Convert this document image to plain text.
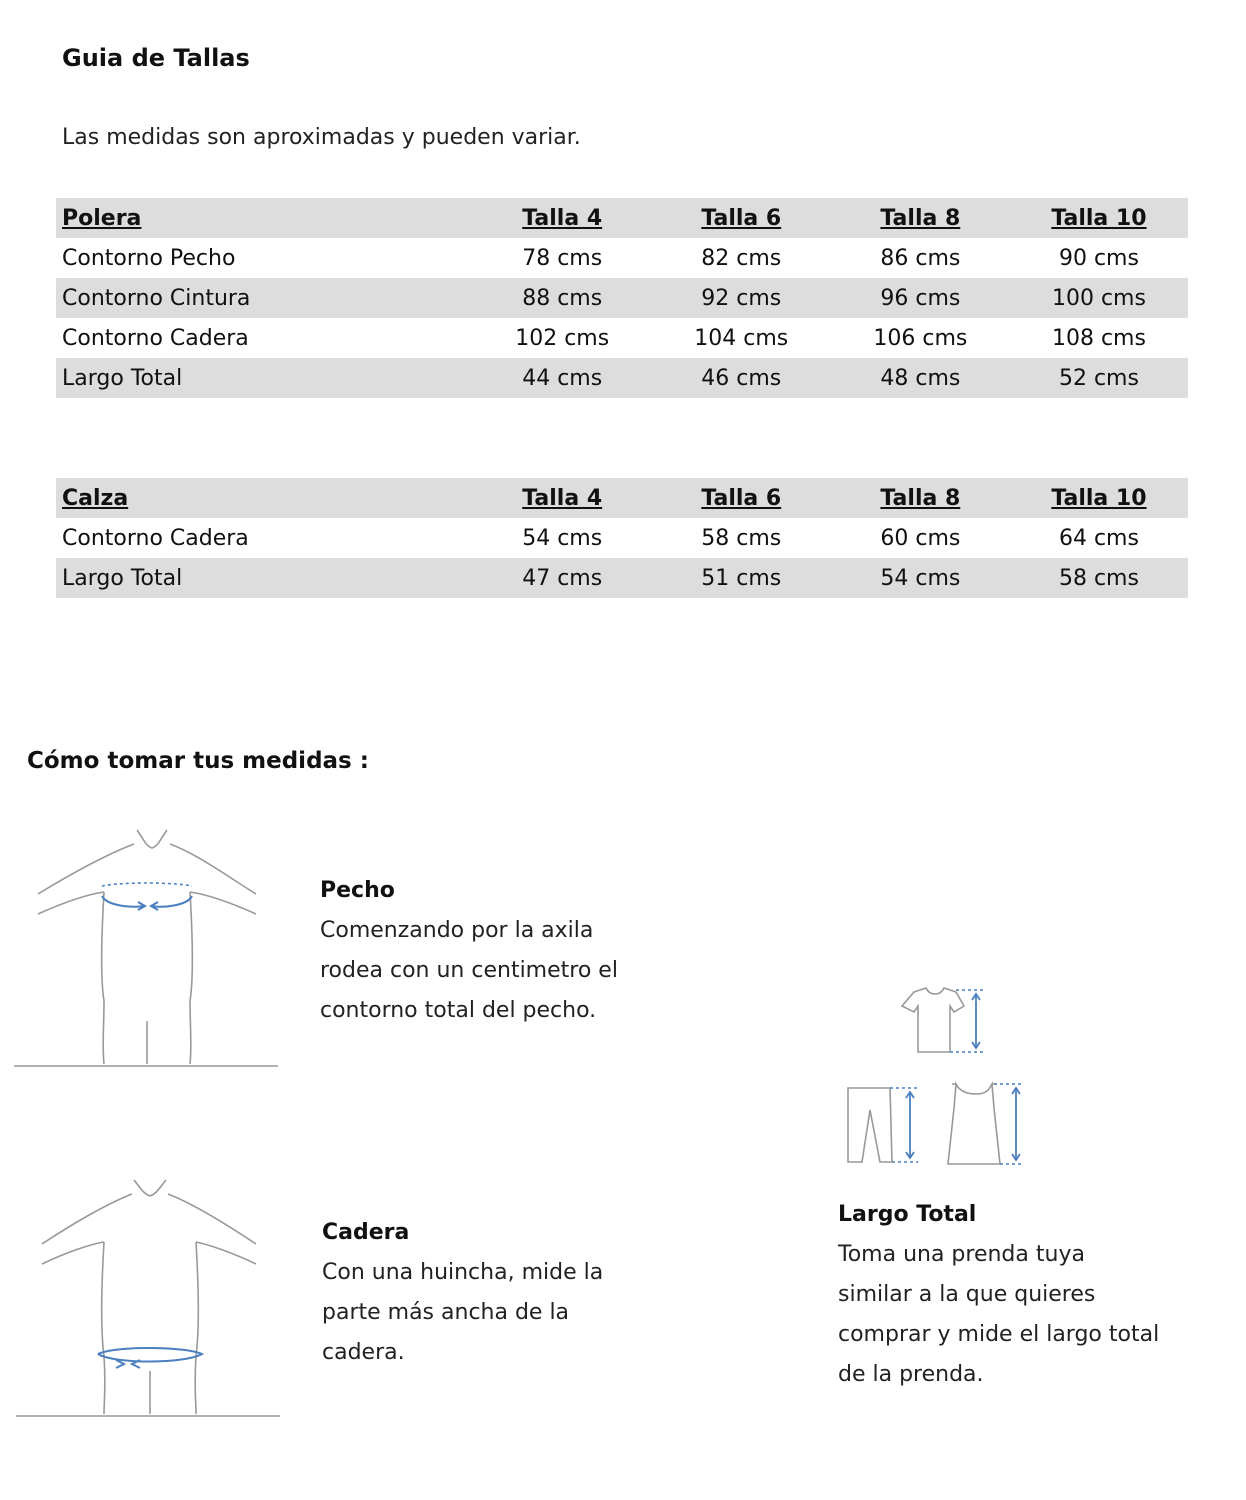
Guia de Tallas
Las medidas son aproximadas y pueden variar.
Polera	Talla 4	Talla 6	Talla 8	Talla 10
Contorno Pecho	78 cms	82 cms	86 cms	90 cms
Contorno Cintura	88 cms	92 cms	96 cms	100 cms
Contorno Cadera	102 cms	104 cms	106 cms	108 cms
Largo Total	44 cms	46 cms	48 cms	52 cms
Calza	Talla 4	Talla 6	Talla 8	Talla 10
Contorno Cadera	54 cms	58 cms	60 cms	64 cms
Largo Total	47 cms	51 cms	54 cms	58 cms
Cómo tomar tus medidas :
Pecho
Comenzando por la axila
rodea con un centimetro el
contorno total del pecho.
Cadera
Con una huincha, mide la
parte más ancha de la
cadera.
Largo Total
Toma una prenda tuya
similar a la que quieres
comprar y mide el largo total
de la prenda.
